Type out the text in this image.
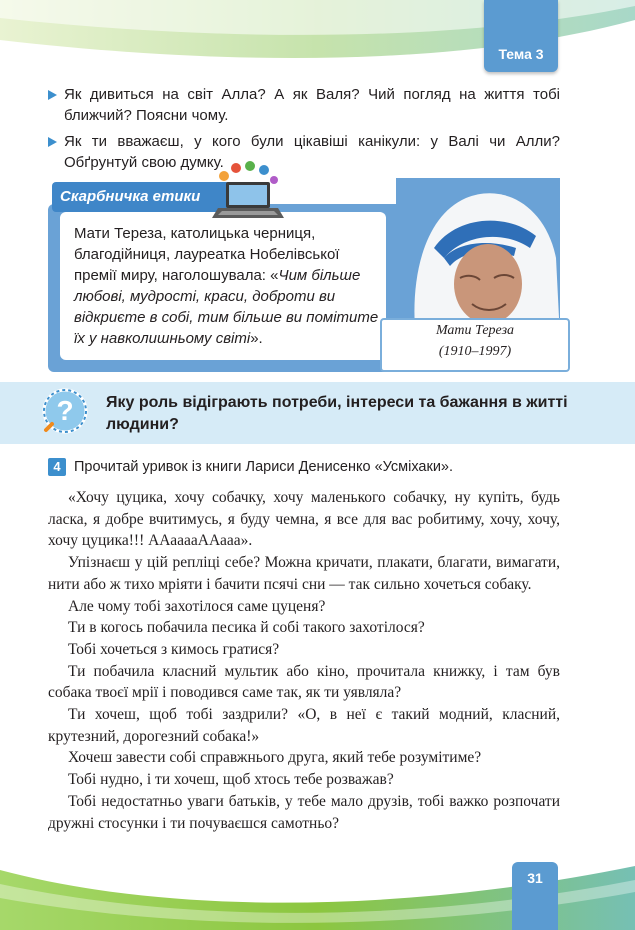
Тема 3
Як дивиться на світ Алла? А як Валя? Чий погляд на життя тобі ближчий? Поясни чому.
Як ти вважаєш, у кого були цікавіші канікули: у Валі чи Алли? Обґрунтуй свою думку.
Скарбничка етики
Мати Тереза, католицька черниця, благодійниця, лауреатка Нобелівської премії миру, наголошувала: «Чим більше любові, мудрості, краси, доброти ви відкриєте в собі, тим більше ви помітите їх у навколишньому світі».	Мати Тереза
(1910–1997)
? Яку роль відіграють потреби, інтереси та бажання в житті людини?
4 Прочитай уривок із книги Лариси Денисенко «Усміхаки».

«Хочу цуцика, хочу собачку, хочу маленького собачку, ну купіть, будь ласка, я добре вчитимусь, я буду чемна, я все для вас робитиму, хочу, хочу, хочу цуцика!!! ААааааААааа».

Упізнаєш у цій репліці себе? Можна кричати, плакати, благати, вимагати, нити або ж тихо мріяти і бачити псячі сни — так сильно хочеться собаку.

Але чому тобі захотілося саме цуценя?

Ти в когось побачила песика й собі такого захотілося?

Тобі хочеться з кимось гратися?

Ти побачила класний мультик або кіно, прочитала книжку, і там був собака твоєї мрії і поводився саме так, як ти уявляла?

Ти хочеш, щоб тобі заздрили? «О, в неї є такий модний, класний, крутезний, дорогезний собака!»

Хочеш завести собі справжнього друга, який тебе розумітиме?

Тобі нудно, і ти хочеш, щоб хтось тебе розважав?

Тобі недостатньо уваги батьків, у тебе мало друзів, тобі важко розпочати дружні стосунки і ти почуваєшся самотньо?

31
